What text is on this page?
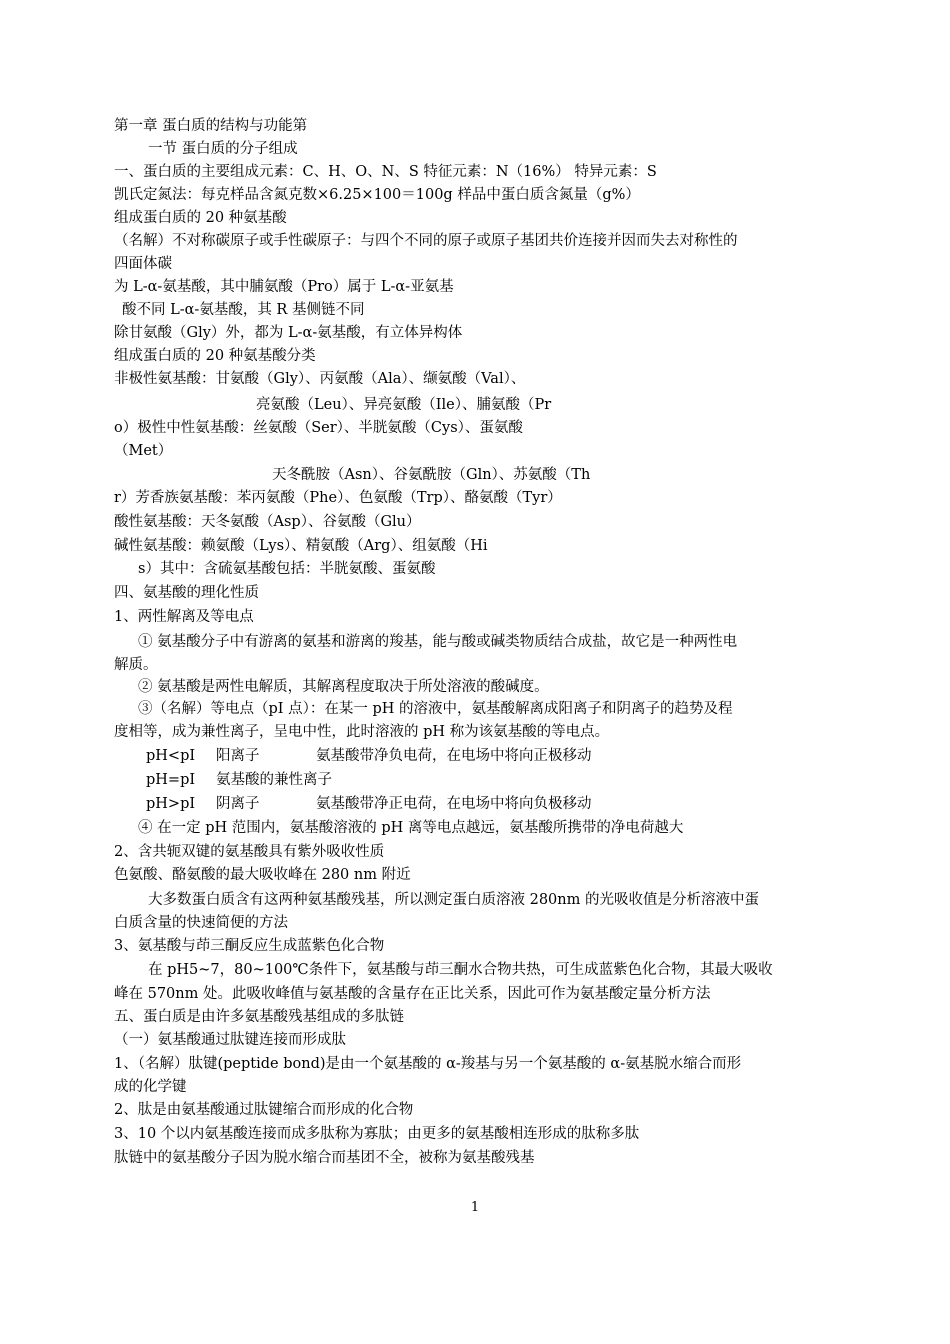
第一章 蛋白质的结构与功能第
一节 蛋白质的分子组成
一、蛋白质的主要组成元素：C、H、O、N、S 特征元素：N（16%） 特异元素：S
凯氏定氮法：每克样品含氮克数×6.25×100＝100g 样品中蛋白质含氮量（g%）
组成蛋白质的 20 种氨基酸
（名解）不对称碳原子或手性碳原子：与四个不同的原子或原子基团共价连接并因而失去对称性的
四面体碳
为 L-α-氨基酸，其中脯氨酸（Pro）属于 L-α-亚氨基
酸不同 L-α-氨基酸，其 R 基侧链不同
除甘氨酸（Gly）外，都为 L-α-氨基酸，有立体异构体
组成蛋白质的 20 种氨基酸分类
非极性氨基酸：甘氨酸（Gly）、丙氨酸（Ala）、缬氨酸（Val）、
亮氨酸（Leu）、异亮氨酸（Ile）、脯氨酸（Pr
o）极性中性氨基酸：丝氨酸（Ser）、半胱氨酸（Cys）、蛋氨酸
（Met）
天冬酰胺（Asn）、谷氨酰胺（Gln）、苏氨酸（Th
r）芳香族氨基酸：苯丙氨酸（Phe）、色氨酸（Trp）、酪氨酸（Tyr）
酸性氨基酸：天冬氨酸（Asp）、谷氨酸（Glu）
碱性氨基酸：赖氨酸（Lys）、精氨酸（Arg）、组氨酸（Hi
s）其中：含硫氨基酸包括：半胱氨酸、蛋氨酸
四、氨基酸的理化性质
1、两性解离及等电点
① 氨基酸分子中有游离的氨基和游离的羧基，能与酸或碱类物质结合成盐，故它是一种两性电
解质。
② 氨基酸是两性电解质，其解离程度取决于所处溶液的酸碱度。
③（名解）等电点（pI 点）：在某一 pH 的溶液中，氨基酸解离成阳离子和阴离子的趋势及程
度相等，成为兼性离子，呈电中性，此时溶液的 pH 称为该氨基酸的等电点。
pH<pI 阳离子	氨基酸带净负电荷，在电场中将向正极移动
pH=pI 氨基酸的兼性离子
pH>pI 阴离子	氨基酸带净正电荷，在电场中将向负极移动
④ 在一定 pH 范围内，氨基酸溶液的 pH 离等电点越远，氨基酸所携带的净电荷越大
2、含共轭双键的氨基酸具有紫外吸收性质
色氨酸、酪氨酸的最大吸收峰在 280 nm 附近
大多数蛋白质含有这两种氨基酸残基，所以测定蛋白质溶液 280nm 的光吸收值是分析溶液中蛋
白质含量的快速简便的方法
3、氨基酸与茚三酮反应生成蓝紫色化合物
在 pH5~7，80~100℃条件下，氨基酸与茚三酮水合物共热，可生成蓝紫色化合物，其最大吸收
峰在 570nm 处。此吸收峰值与氨基酸的含量存在正比关系，因此可作为氨基酸定量分析方法
五、蛋白质是由许多氨基酸残基组成的多肽链
（一）氨基酸通过肽键连接而形成肽
1、（名解）肽键(peptide bond)是由一个氨基酸的 α-羧基与另一个氨基酸的 α-氨基脱水缩合而形
成的化学键
2、肽是由氨基酸通过肽键缩合而形成的化合物
3、10 个以内氨基酸连接而成多肽称为寡肽；由更多的氨基酸相连形成的肽称多肽
肽链中的氨基酸分子因为脱水缩合而基团不全，被称为氨基酸残基
1
